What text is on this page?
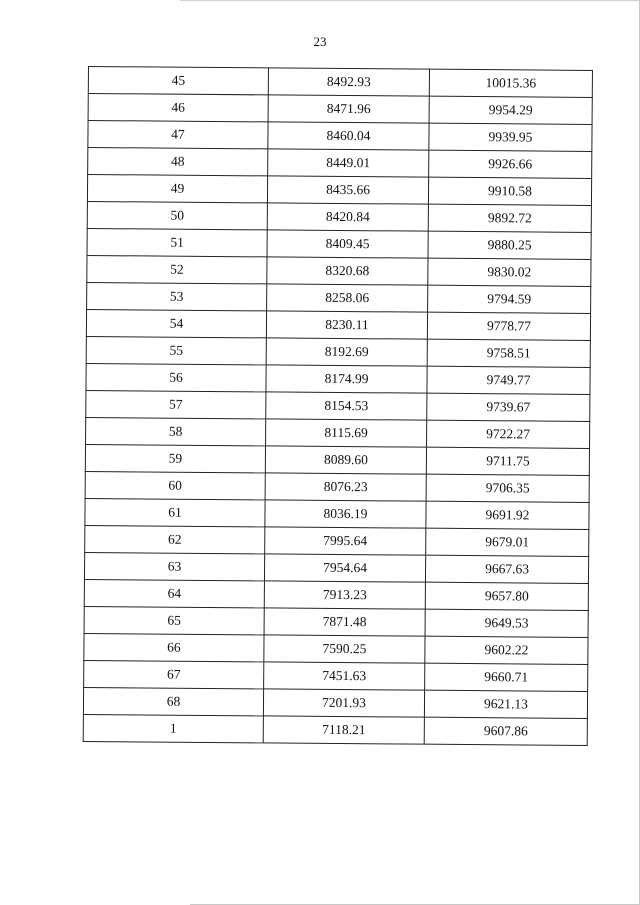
23
45	8492.93	10015.36
46	8471.96	9954.29
47	8460.04	9939.95
48	8449.01	9926.66
49	8435.66	9910.58
50	8420.84	9892.72
51	8409.45	9880.25
52	8320.68	9830.02
53	8258.06	9794.59
54	8230.11	9778.77
55	8192.69	9758.51
56	8174.99	9749.77
57	8154.53	9739.67
58	8115.69	9722.27
59	8089.60	9711.75
60	8076.23	9706.35
61	8036.19	9691.92
62	7995.64	9679.01
63	7954.64	9667.63
64	7913.23	9657.80
65	7871.48	9649.53
66	7590.25	9602.22
67	7451.63	9660.71
68	7201.93	9621.13
1	7118.21	9607.86
